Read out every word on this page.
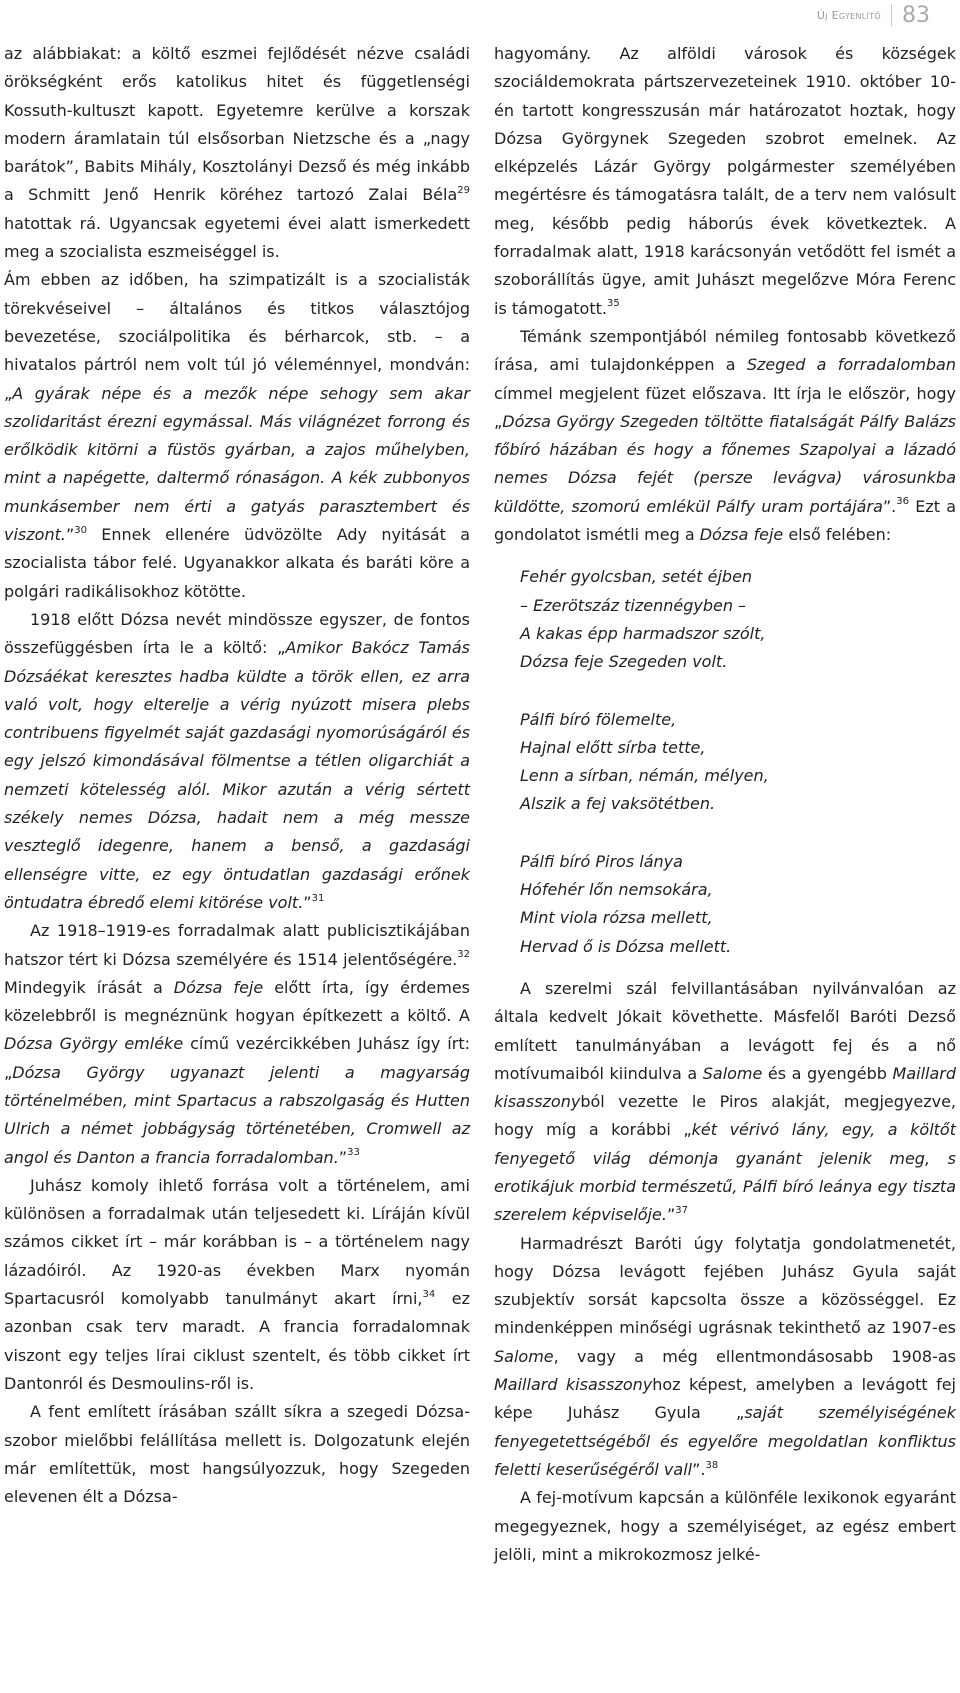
Új Egyenlítő 83

az alábbiakat: a költő eszmei fejlődését nézve családi örökségként erős katolikus hitet és függetlenségi Kossuth-kultuszt kapott. Egyetemre kerülve a korszak modern áramlatain túl elsősorban Nietzsche és a „nagy barátok”, Babits Mihály, Kosztolányi Dezső és még inkább a Schmitt Jenő Henrik köréhez tartozó Zalai Béla$^{29}$ hatottak rá. Ugyancsak egyetemi évei alatt ismerkedett meg a szocialista eszmeiséggel is.

Ám ebben az időben, ha szimpatizált is a szocialisták törekvéseivel – általános és titkos választójog bevezetése, szociálpolitika és bérharcok, stb. – a hivatalos pártról nem volt túl jó véleménnyel, mondván: „A gyárak népe és a mezők népe sehogy sem akar szolidaritást érezni egymással. Más világnézet forrong és erőlködik kitörni a füstös gyárban, a zajos műhelyben, mint a napégette, daltermő rónaságon. A kék zubbonyos munkásember nem érti a gatyás parasztembert és viszont.”$^{30}$ Ennek ellenére üdvözölte Ady nyitását a szocialista tábor felé. Ugyanakkor alkata és baráti köre a polgári radikálisokhoz kötötte.

1918 előtt Dózsa nevét mindössze egyszer, de fontos összefüggésben írta le a költő: „Amikor Bakócz Tamás Dózsáékat keresztes hadba küldte a török ellen, ez arra való volt, hogy elterelje a vérig nyúzott misera plebs contribuens figyelmét saját gazdasági nyomorúságáról és egy jelszó kimondásával fölmentse a tétlen oligarchiát a nemzeti kötelesség alól. Mikor azután a vérig sértett székely nemes Dózsa, hadait nem a még messze veszteglő idegenre, hanem a benső, a gazdasági ellenségre vitte, ez egy öntudatlan gazdasági erőnek öntudatra ébredő elemi kitörése volt.”$^{31}$

Az 1918–1919-es forradalmak alatt publicisztikájában hatszor tért ki Dózsa személyére és 1514 jelentőségére.$^{32}$ Mindegyik írását a Dózsa feje előtt írta, így érdemes közelebbről is megnéznünk hogyan építkezett a költő. A Dózsa György emléke című vezércikkében Juhász így írt: „Dózsa György ugyanazt jelenti a magyarság történelmében, mint Spartacus a rabszolgaság és Hutten Ulrich a német jobbágyság történetében, Cromwell az angol és Danton a francia forradalomban.”$^{33}$

Juhász komoly ihlető forrása volt a történelem, ami különösen a forradalmak után teljesedett ki. Líráján kívül számos cikket írt – már korábban is – a történelem nagy lázadóiról. Az 1920-as években Marx nyomán Spartacusról komolyabb tanulmányt akart írni,$^{34}$ ez azonban csak terv maradt. A francia forradalomnak viszont egy teljes lírai ciklust szentelt, és több cikket írt Dantonról és Desmoulins-ről is.

A fent említett írásában szállt síkra a szegedi Dózsa-szobor mielőbbi felállítása mellett is. Dolgozatunk elején már említettük, most hangsúlyozzuk, hogy Szegeden elevenen élt a Dózsa-

hagyomány. Az alföldi városok és községek szociáldemokrata pártszervezeteinek 1910. október 10-én tartott kongresszusán már határozatot hoztak, hogy Dózsa Györgynek Szegeden szobrot emelnek. Az elképzelés Lázár György polgármester személyében megértésre és támogatásra talált, de a terv nem valósult meg, később pedig háborús évek következtek. A forradalmak alatt, 1918 karácsonyán vetődött fel ismét a szoborállítás ügye, amit Juhászt megelőzve Móra Ferenc is támogatott.$^{35}$

Témánk szempontjából némileg fontosabb következő írása, ami tulajdonképpen a Szeged a forradalomban címmel megjelent füzet előszava. Itt írja le először, hogy „Dózsa György Szegeden töltötte fiatalságát Pálfy Balázs főbíró házában és hogy a főnemes Szapolyai a lázadó nemes Dózsa fejét (persze levágva) városunkba küldötte, szomorú emlékül Pálfy uram portájára”.$^{36}$ Ezt a gondolatot ismétli meg a Dózsa feje első felében:

Fehér gyolcsban, setét éjben
– Ezerötszáz tizennégyben –
A kakas épp harmadszor szólt,
Dózsa feje Szegeden volt.
Pálfi bíró fölemelte,
Hajnal előtt sírba tette,
Lenn a sírban, némán, mélyen,
Alszik a fej vaksötétben.
Pálfi bíró Piros lánya
Hófehér lőn nemsokára,
Mint viola rózsa mellett,
Hervad ő is Dózsa mellett.

A szerelmi szál felvillantásában nyilvánvalóan az általa kedvelt Jókait követhette. Másfelől Baróti Dezső említett tanulmányában a levágott fej és a nő motívumaiból kiindulva a Salome és a gyengébb Maillard kisasszonyból vezette le Piros alakját, megjegyezve, hogy míg a korábbi „két vérivó lány, egy, a költőt fenyegető világ démonja gyanánt jelenik meg, s erotikájuk morbid természetű, Pálfi bíró leánya egy tiszta szerelem képviselője.”$^{37}$

Harmadrészt Baróti úgy folytatja gondolatmenetét, hogy Dózsa levágott fejében Juhász Gyula saját szubjektív sorsát kapcsolta össze a közösséggel. Ez mindenképpen minőségi ugrásnak tekinthető az 1907-es Salome, vagy a még ellentmondásosabb 1908-as Maillard kisasszonyhoz képest, amelyben a levágott fej képe Juhász Gyula „saját személyiségének fenyegetettségéből és egyelőre megoldatlan konfliktus feletti keserűségéről vall”.$^{38}$

A fej-motívum kapcsán a különféle lexikonok egyaránt megegyeznek, hogy a személyiséget, az egész embert jelöli, mint a mikrokozmosz jelké-
